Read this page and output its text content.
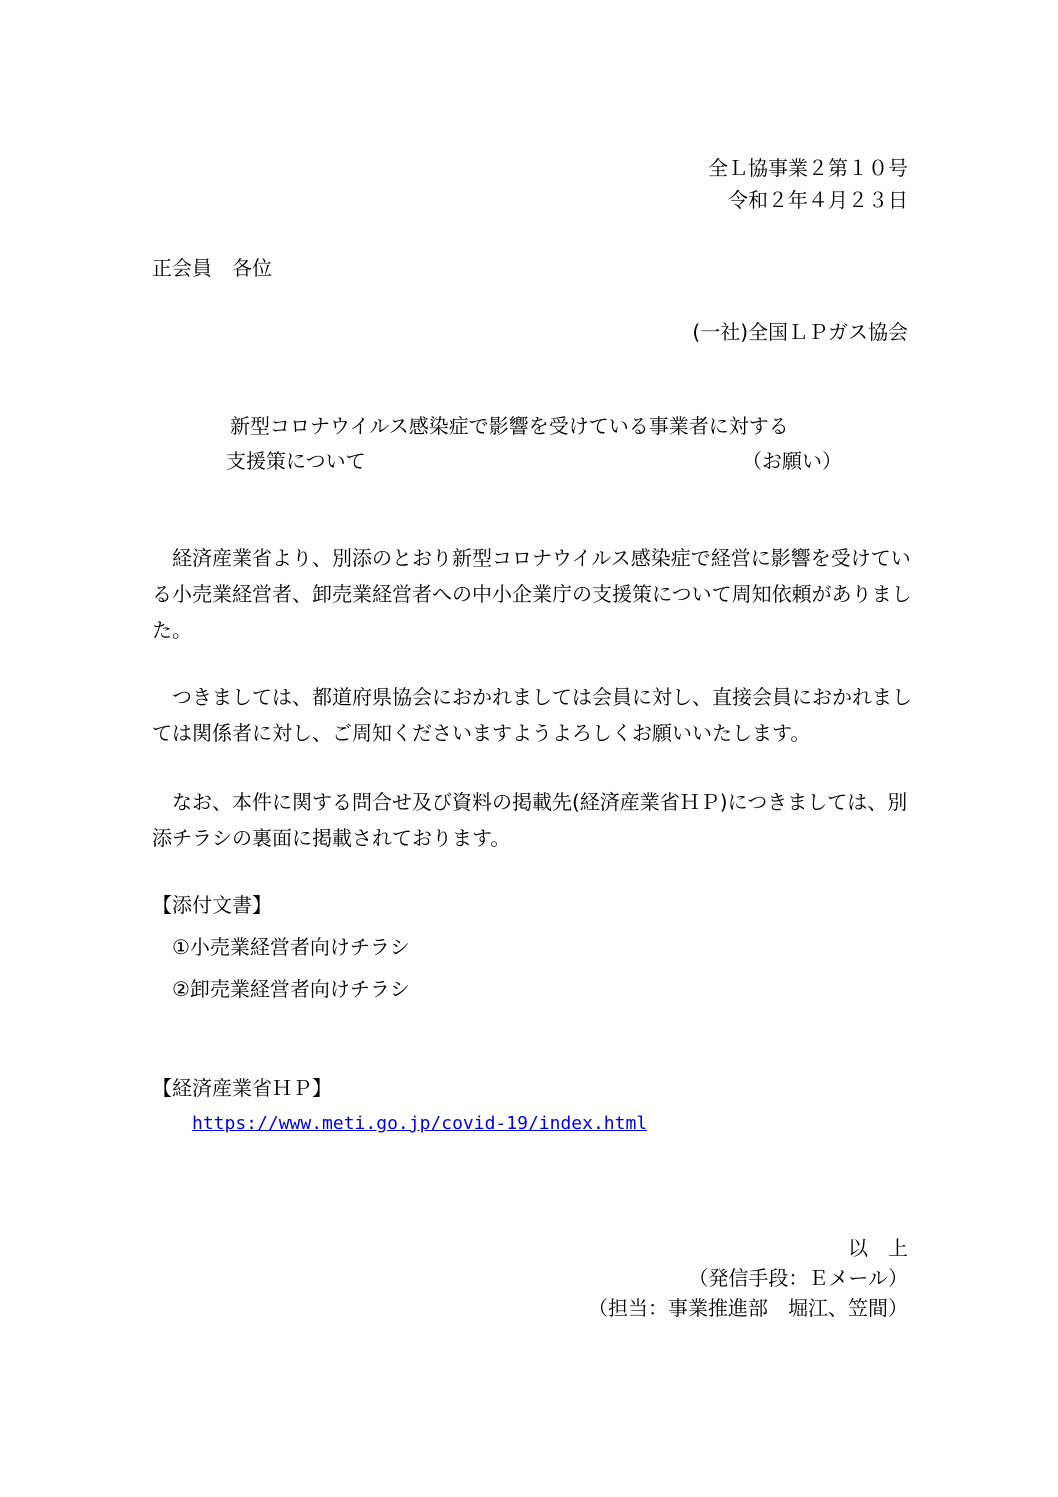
全Ｌ協事業２第１０号
令和２年４月２３日
正会員　各位
(一社)全国ＬＰガス協会
新型コロナウイルス感染症で影響を受けている事業者に対する
支援策について	（お願い）
　経済産業省より、別添のとおり新型コロナウイルス感染症で経営に影響を受けている小売業経営者、卸売業経営者への中小企業庁の支援策について周知依頼がありました。
　つきましては、都道府県協会におかれましては会員に対し、直接会員におかれましては関係者に対し、ご周知くださいますようよろしくお願いいたします。
　なお、本件に関する問合せ及び資料の掲載先(経済産業省ＨＰ)につきましては、別添チラシの裏面に掲載されております。
【添付文書】
①小売業経営者向けチラシ
②卸売業経営者向けチラシ
【経済産業省ＨＰ】
https://www.meti.go.jp/covid-19/index.html
以　上
（発信手段：Ｅメール）
（担当：事業推進部　堀江、笠間）
